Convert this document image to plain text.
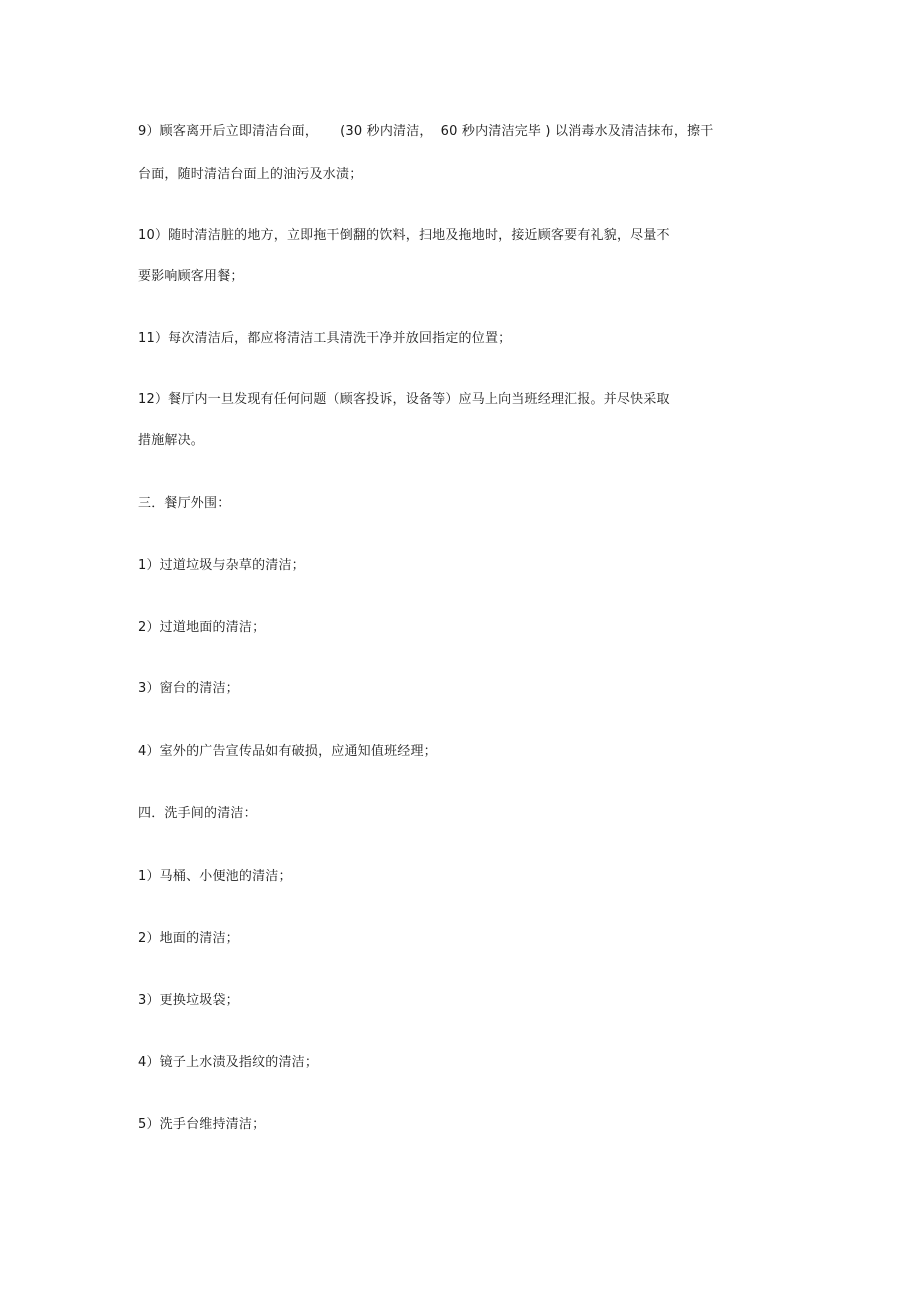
9）顾客离开后立即清洁台面， (30 秒内清洁， 60 秒内清洁完毕 ) 以消毒水及清洁抹布，擦干
台面，随时清洁台面上的油污及水渍；
10）随时清洁脏的地方，立即拖干倒翻的饮料，扫地及拖地时，接近顾客要有礼貌，尽量不
要影响顾客用餐；
11）每次清洁后，都应将清洁工具清洗干净并放回指定的位置；
12）餐厅内一旦发现有任何问题（顾客投诉，设备等）应马上向当班经理汇报。并尽快采取
措施解决。
三．餐厅外围：
1）过道垃圾与杂草的清洁；
2）过道地面的清洁；
3）窗台的清洁；
4）室外的广告宣传品如有破损，应通知值班经理；
四．洗手间的清洁：
1）马桶、小便池的清洁；
2）地面的清洁；
3）更换垃圾袋；
4）镜子上水渍及指纹的清洁；
5）洗手台维持清洁；
